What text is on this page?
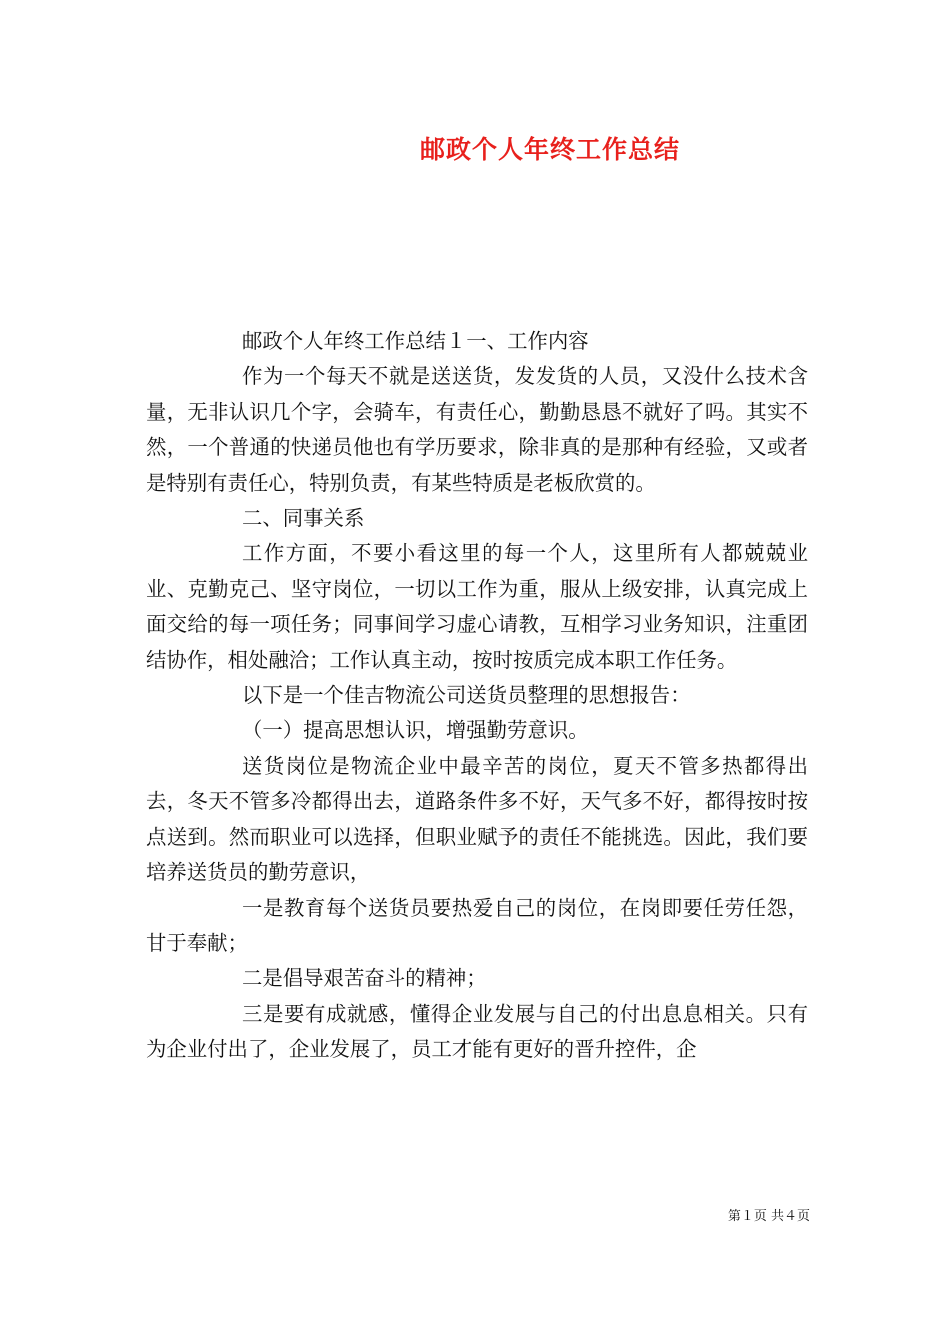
邮政个人年终工作总结

邮政个人年终工作总结１一、工作内容

作为一个每天不就是送送货，发发货的人员，又没什么技术含量，无非认识几个字，会骑车，有责任心，勤勤恳恳不就好了吗。其实不然，一个普通的快递员他也有学历要求，除非真的是那种有经验，又或者是特别有责任心，特别负责，有某些特质是老板欣赏的。

二、同事关系

工作方面，不要小看这里的每一个人，这里所有人都兢兢业业、克勤克己、坚守岗位，一切以工作为重，服从上级安排，认真完成上面交给的每一项任务；同事间学习虚心请教，互相学习业务知识，注重团结协作，相处融洽；工作认真主动，按时按质完成本职工作任务。

以下是一个佳吉物流公司送货员整理的思想报告：

（一）提高思想认识，增强勤劳意识。

送货岗位是物流企业中最辛苦的岗位，夏天不管多热都得出去，冬天不管多冷都得出去，道路条件多不好，天气多不好，都得按时按点送到。然而职业可以选择，但职业赋予的责任不能挑选。因此，我们要培养送货员的勤劳意识，

一是教育每个送货员要热爱自己的岗位，在岗即要任劳任怨，甘于奉献；

二是倡导艰苦奋斗的精神；

三是要有成就感，懂得企业发展与自己的付出息息相关。只有为企业付出了，企业发展了，员工才能有更好的晋升控件，企

第１页 共４页
